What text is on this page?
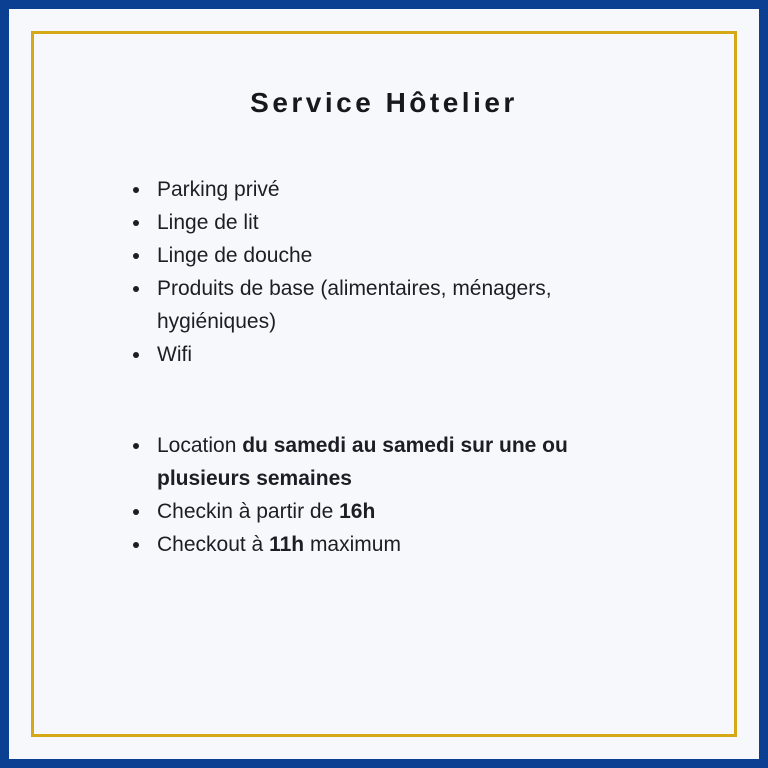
Service Hôtelier
Parking privé
Linge de lit
Linge de douche
Produits de base (alimentaires, ménagers, hygiéniques)
Wifi
Location du samedi au samedi sur une ou plusieurs semaines
Checkin à partir de 16h
Checkout à 11h maximum
